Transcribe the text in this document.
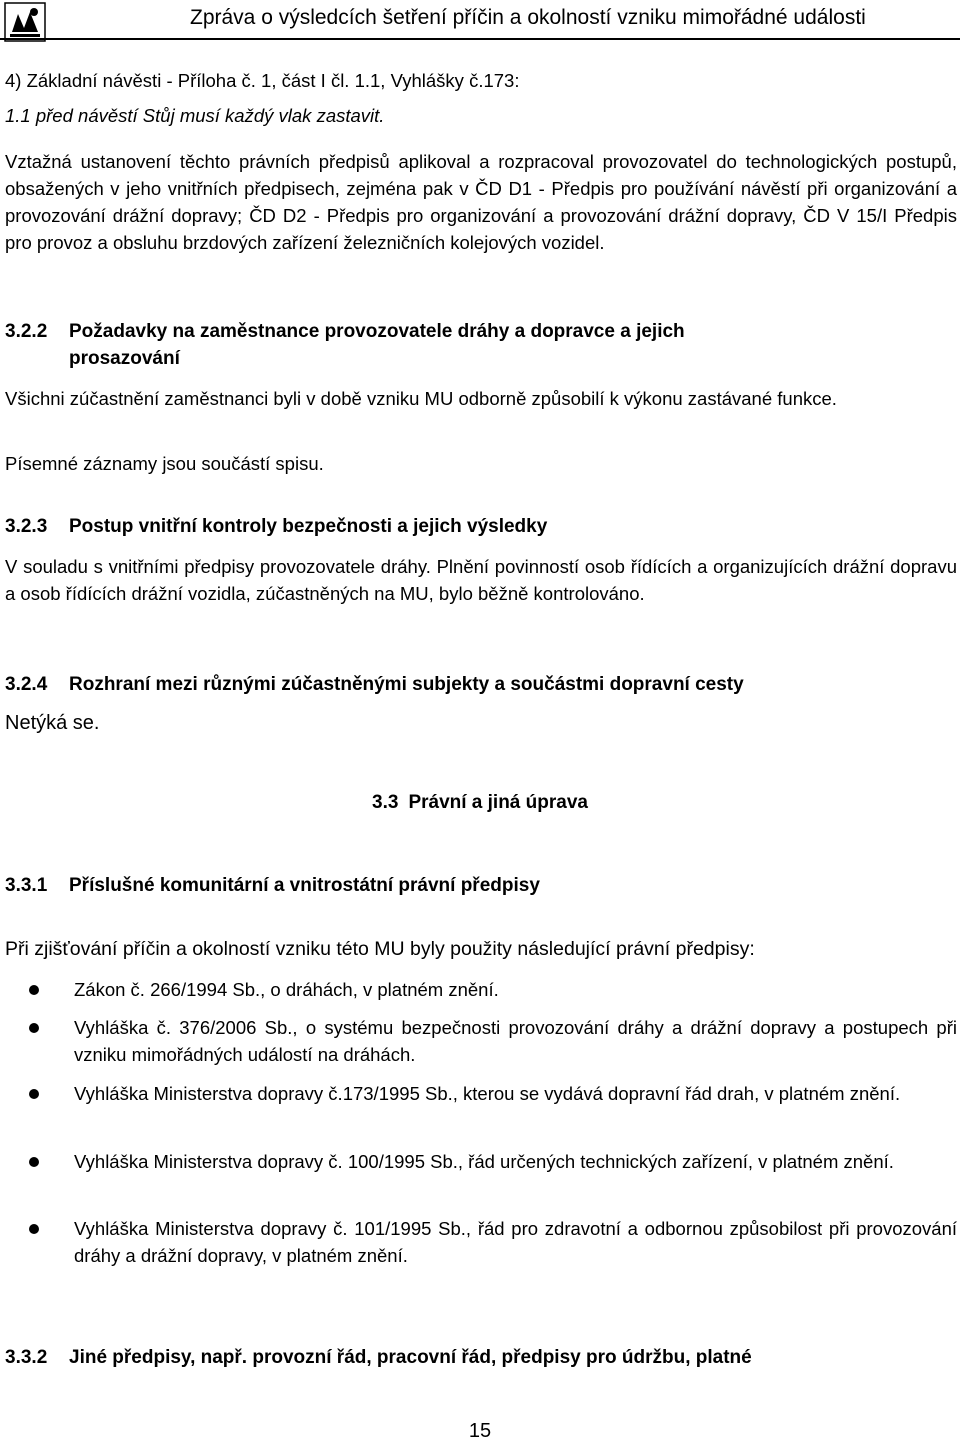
Zpráva o výsledcích šetření příčin a okolností vzniku mimořádné události
4) Základní návěsti - Příloha č. 1, část I čl. 1.1, Vyhlášky č.173:
1.1 před návěstí Stůj musí každý vlak zastavit.
Vztažná ustanovení těchto právních předpisů aplikoval a rozpracoval provozovatel do technologických postupů, obsažených v jeho vnitřních předpisech, zejména pak v ČD D1 - Předpis pro používání návěstí při organizování a provozování drážní dopravy; ČD D2 - Předpis pro organizování a provozování drážní dopravy, ČD V 15/I Předpis pro provoz a obsluhu brzdových zařízení železničních kolejových vozidel.
3.2.2 Požadavky na zaměstnance provozovatele dráhy a dopravce a jejich
prosazování
Všichni zúčastnění zaměstnanci byli v době vzniku MU odborně způsobilí k výkonu zastávané funkce.
Písemné záznamy jsou součástí spisu.
3.2.3 Postup vnitřní kontroly bezpečnosti a jejich výsledky
V souladu s vnitřními předpisy provozovatele dráhy. Plnění povinností osob řídících a organizujících drážní dopravu a osob řídících drážní vozidla, zúčastněných na MU, bylo běžně kontrolováno.
3.2.4 Rozhraní mezi různými zúčastněnými subjekty a součástmi dopravní cesty
Netýká se.
3.3 Právní a jiná úprava
3.3.1 Příslušné komunitární a vnitrostátní právní předpisy
Při zjišťování příčin a okolností vzniku této MU byly použity následující právní předpisy:
Zákon č. 266/1994 Sb., o dráhách, v platném znění.
Vyhláška č. 376/2006 Sb., o systému bezpečnosti provozování dráhy a drážní dopravy a postupech při vzniku mimořádných událostí na dráhách.
Vyhláška Ministerstva dopravy č.173/1995 Sb., kterou se vydává dopravní řád drah, v platném znění.
Vyhláška Ministerstva dopravy č. 100/1995 Sb., řád určených technických zařízení, v platném znění.
Vyhláška Ministerstva dopravy č. 101/1995 Sb., řád pro zdravotní a odbornou způsobilost při provozování dráhy a drážní dopravy, v platném znění.
3.3.2 Jiné předpisy, např. provozní řád, pracovní řád, předpisy pro údržbu, platné
15
